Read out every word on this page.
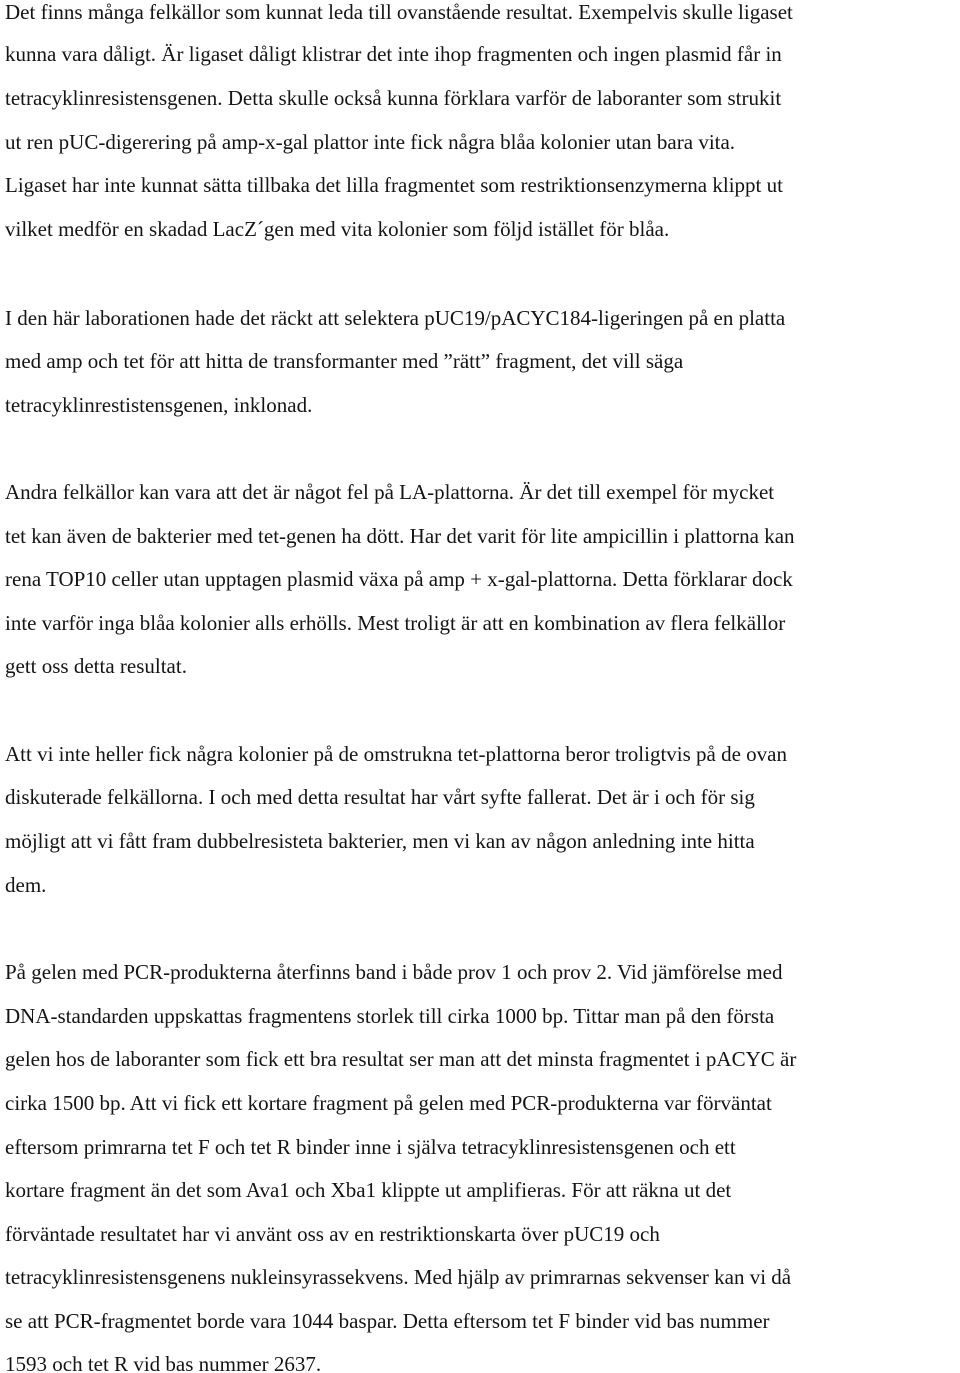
Det finns många felkällor som kunnat leda till ovanstående resultat. Exempelvis skulle ligaset

kunna vara dåligt. Är ligaset dåligt klistrar det inte ihop fragmenten och ingen plasmid får in

tetracyklinresistensgenen. Detta skulle också kunna förklara varför de laboranter som strukit

ut ren pUC-digerering på amp-x-gal plattor inte fick några blåa kolonier utan bara vita.

Ligaset har inte kunnat sätta tillbaka det lilla fragmentet som restriktionsenzymerna klippt ut

vilket medför en skadad LacZ´gen med vita kolonier som följd istället för blåa.

I den här laborationen hade det räckt att selektera pUC19/pACYC184-ligeringen på en platta

med amp och tet för att hitta de transformanter med ”rätt” fragment, det vill säga

tetracyklinrestistensgenen, inklonad.

Andra felkällor kan vara att det är något fel på LA-plattorna. Är det till exempel för mycket

tet kan även de bakterier med tet-genen ha dött. Har det varit för lite ampicillin i plattorna kan

rena TOP10 celler utan upptagen plasmid växa på amp + x-gal-plattorna. Detta förklarar dock

inte varför inga blåa kolonier alls erhölls. Mest troligt är att en kombination av flera felkällor

gett oss detta resultat.

Att vi inte heller fick några kolonier på de omstrukna tet-plattorna beror troligtvis på de ovan

diskuterade felkällorna. I och med detta resultat har vårt syfte fallerat. Det är i och för sig

möjligt att vi fått fram dubbelresisteta bakterier, men vi kan av någon anledning inte hitta

dem.

På gelen med PCR-produkterna återfinns band i både prov 1 och prov 2. Vid jämförelse med

DNA-standarden uppskattas fragmentens storlek till cirka 1000 bp. Tittar man på den första

gelen hos de laboranter som fick ett bra resultat ser man att det minsta fragmentet i pACYC är

cirka 1500 bp. Att vi fick ett kortare fragment på gelen med PCR-produkterna var förväntat

eftersom primrarna tet F och tet R binder inne i själva tetracyklinresistensgenen och ett

kortare fragment än det som Ava1 och Xba1 klippte ut amplifieras. För att räkna ut det

förväntade resultatet har vi använt oss av en restriktionskarta över pUC19 och

tetracyklinresistensgenens nukleinsyrassekvens. Med hjälp av primrarnas sekvenser kan vi då

se att PCR-fragmentet borde vara 1044 baspar. Detta eftersom tet F binder vid bas nummer

1593 och tet R vid bas nummer 2637.
